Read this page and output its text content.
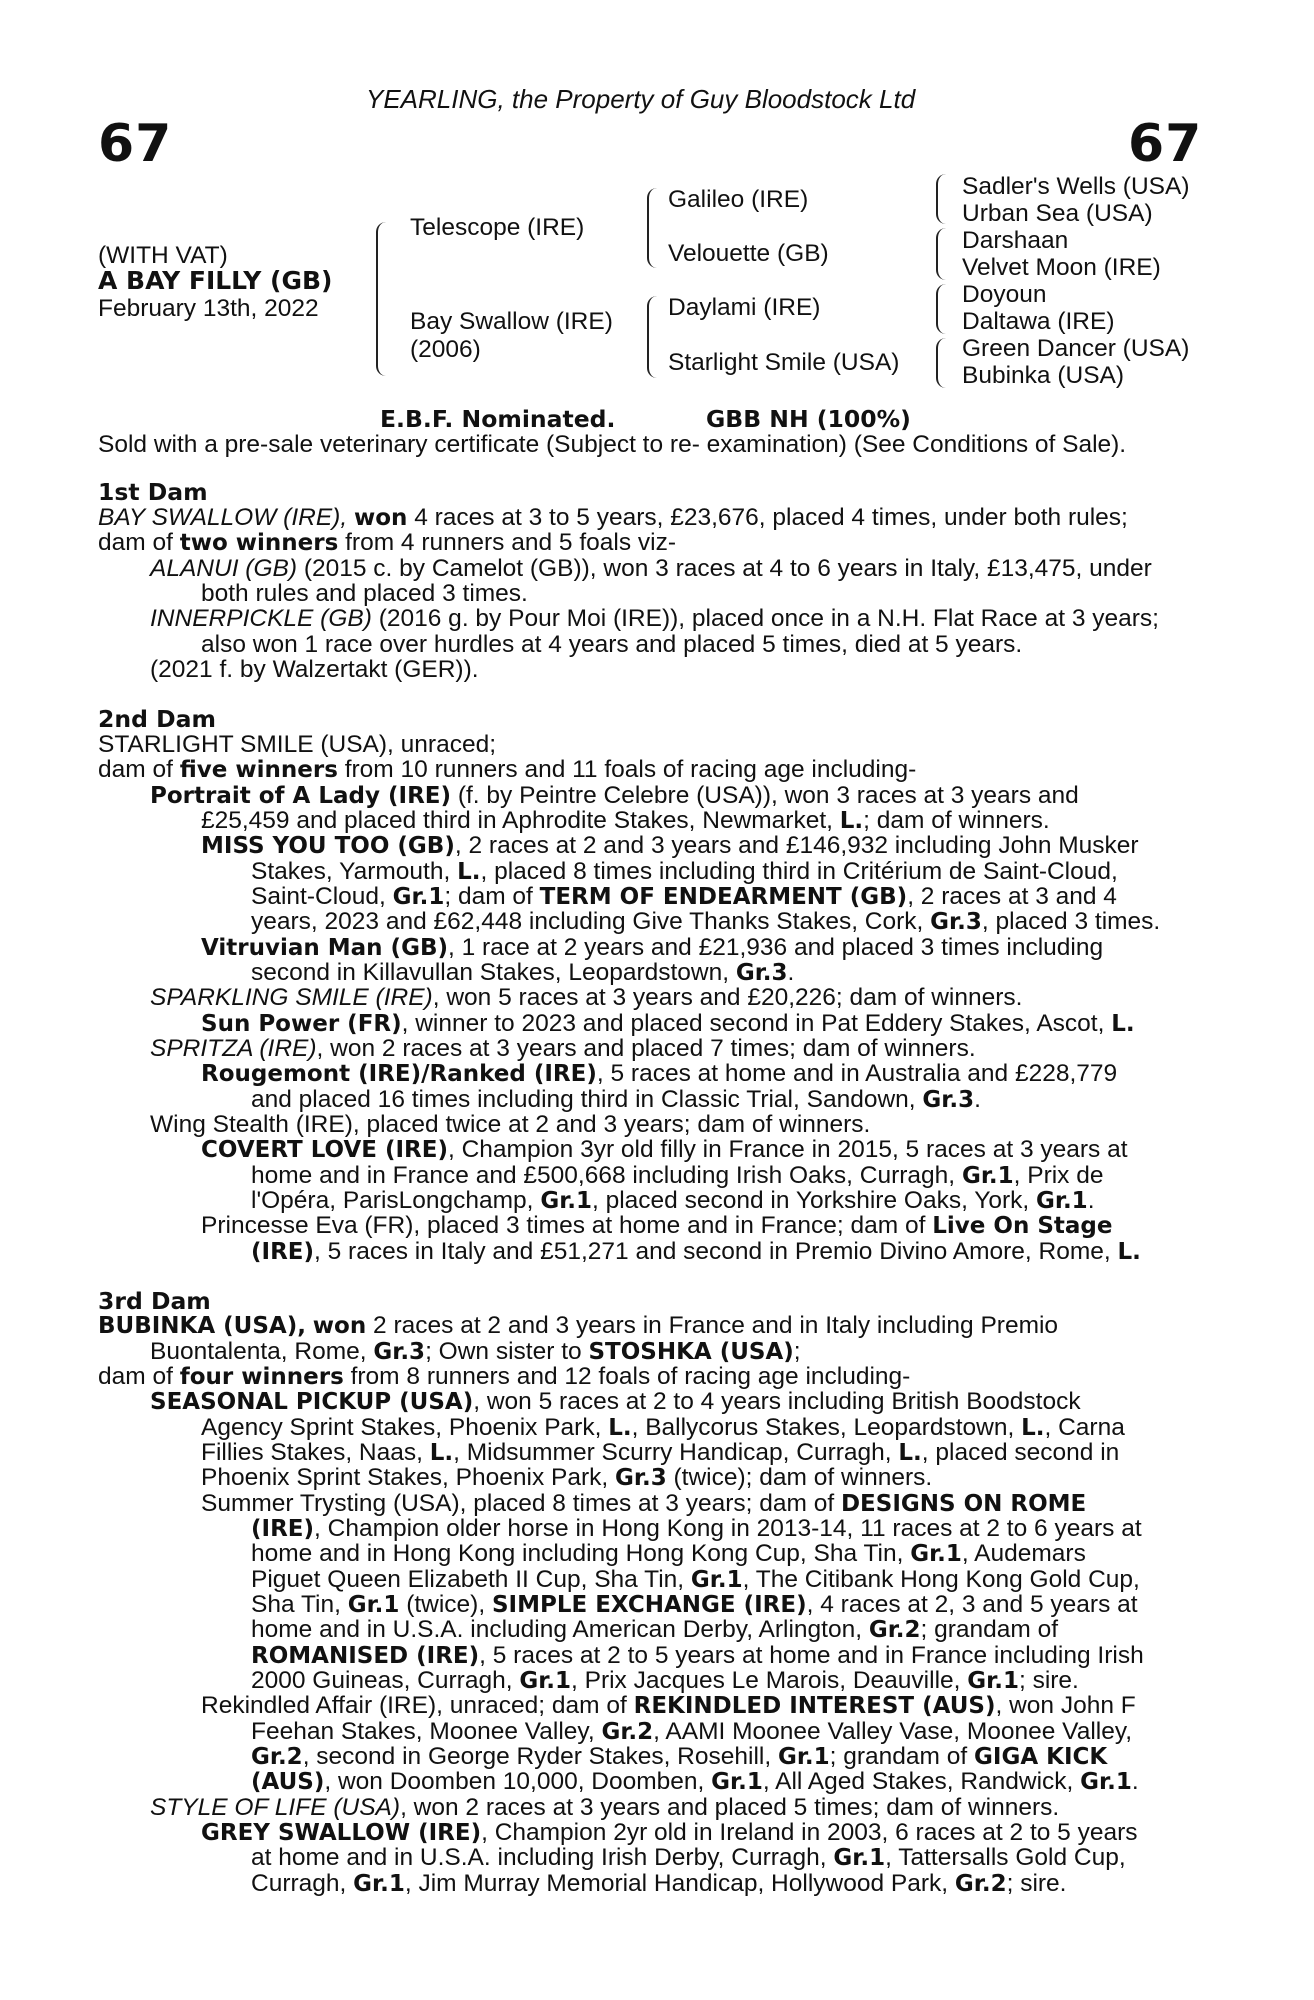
67	67
YEARLING, the Property of Guy Bloodstock Ltd
(WITH VAT)
A BAY FILLY (GB)
February 13th, 2022
Telescope (IRE)
Bay Swallow (IRE)
(2006)
Galileo (IRE)
Velouette (GB)
Daylami (IRE)
Starlight Smile (USA)
Sadler's Wells (USA)
Urban Sea (USA)
Darshaan
Velvet Moon (IRE)
Doyoun
Daltawa (IRE)
Green Dancer (USA)
Bubinka (USA)
E.B.F. Nominated.	GBB NH (100%)
Sold with a pre-sale veterinary certificate (Subject to re- examination) (See Conditions of Sale).
1st Dam
BAY SWALLOW (IRE), won 4 races at 3 to 5 years, £23,676, placed 4 times, under both rules;
dam of two winners from 4 runners and 5 foals viz-
ALANUI (GB) (2015 c. by Camelot (GB)), won 3 races at 4 to 6 years in Italy, £13,475, under
both rules and placed 3 times.
INNERPICKLE (GB) (2016 g. by Pour Moi (IRE)), placed once in a N.H. Flat Race at 3 years;
also won 1 race over hurdles at 4 years and placed 5 times, died at 5 years.
(2021 f. by Walzertakt (GER)).
2nd Dam
STARLIGHT SMILE (USA), unraced;
dam of five winners from 10 runners and 11 foals of racing age including-
Portrait of A Lady (IRE) (f. by Peintre Celebre (USA)), won 3 races at 3 years and
£25,459 and placed third in Aphrodite Stakes, Newmarket, L.; dam of winners.
MISS YOU TOO (GB), 2 races at 2 and 3 years and £146,932 including John Musker
Stakes, Yarmouth, L., placed 8 times including third in Critérium de Saint-Cloud,
Saint-Cloud, Gr.1; dam of TERM OF ENDEARMENT (GB), 2 races at 3 and 4
years, 2023 and £62,448 including Give Thanks Stakes, Cork, Gr.3, placed 3 times.
Vitruvian Man (GB), 1 race at 2 years and £21,936 and placed 3 times including
second in Killavullan Stakes, Leopardstown, Gr.3.
SPARKLING SMILE (IRE), won 5 races at 3 years and £20,226; dam of winners.
Sun Power (FR), winner to 2023 and placed second in Pat Eddery Stakes, Ascot, L.
SPRITZA (IRE), won 2 races at 3 years and placed 7 times; dam of winners.
Rougemont (IRE)/Ranked (IRE), 5 races at home and in Australia and £228,779
and placed 16 times including third in Classic Trial, Sandown, Gr.3.
Wing Stealth (IRE), placed twice at 2 and 3 years; dam of winners.
COVERT LOVE (IRE), Champion 3yr old filly in France in 2015, 5 races at 3 years at
home and in France and £500,668 including Irish Oaks, Curragh, Gr.1, Prix de
l'Opéra, ParisLongchamp, Gr.1, placed second in Yorkshire Oaks, York, Gr.1.
Princesse Eva (FR), placed 3 times at home and in France; dam of Live On Stage
(IRE), 5 races in Italy and £51,271 and second in Premio Divino Amore, Rome, L.
3rd Dam
BUBINKA (USA), won 2 races at 2 and 3 years in France and in Italy including Premio
Buontalenta, Rome, Gr.3; Own sister to STOSHKA (USA);
dam of four winners from 8 runners and 12 foals of racing age including-
SEASONAL PICKUP (USA), won 5 races at 2 to 4 years including British Boodstock
Agency Sprint Stakes, Phoenix Park, L., Ballycorus Stakes, Leopardstown, L., Carna
Fillies Stakes, Naas, L., Midsummer Scurry Handicap, Curragh, L., placed second in
Phoenix Sprint Stakes, Phoenix Park, Gr.3 (twice); dam of winners.
Summer Trysting (USA), placed 8 times at 3 years; dam of DESIGNS ON ROME
(IRE), Champion older horse in Hong Kong in 2013-14, 11 races at 2 to 6 years at
home and in Hong Kong including Hong Kong Cup, Sha Tin, Gr.1, Audemars
Piguet Queen Elizabeth II Cup, Sha Tin, Gr.1, The Citibank Hong Kong Gold Cup,
Sha Tin, Gr.1 (twice), SIMPLE EXCHANGE (IRE), 4 races at 2, 3 and 5 years at
home and in U.S.A. including American Derby, Arlington, Gr.2; grandam of
ROMANISED (IRE), 5 races at 2 to 5 years at home and in France including Irish
2000 Guineas, Curragh, Gr.1, Prix Jacques Le Marois, Deauville, Gr.1; sire.
Rekindled Affair (IRE), unraced; dam of REKINDLED INTEREST (AUS), won John F
Feehan Stakes, Moonee Valley, Gr.2, AAMI Moonee Valley Vase, Moonee Valley,
Gr.2, second in George Ryder Stakes, Rosehill, Gr.1; grandam of GIGA KICK
(AUS), won Doomben 10,000, Doomben, Gr.1, All Aged Stakes, Randwick, Gr.1.
STYLE OF LIFE (USA), won 2 races at 3 years and placed 5 times; dam of winners.
GREY SWALLOW (IRE), Champion 2yr old in Ireland in 2003, 6 races at 2 to 5 years
at home and in U.S.A. including Irish Derby, Curragh, Gr.1, Tattersalls Gold Cup,
Curragh, Gr.1, Jim Murray Memorial Handicap, Hollywood Park, Gr.2; sire.
